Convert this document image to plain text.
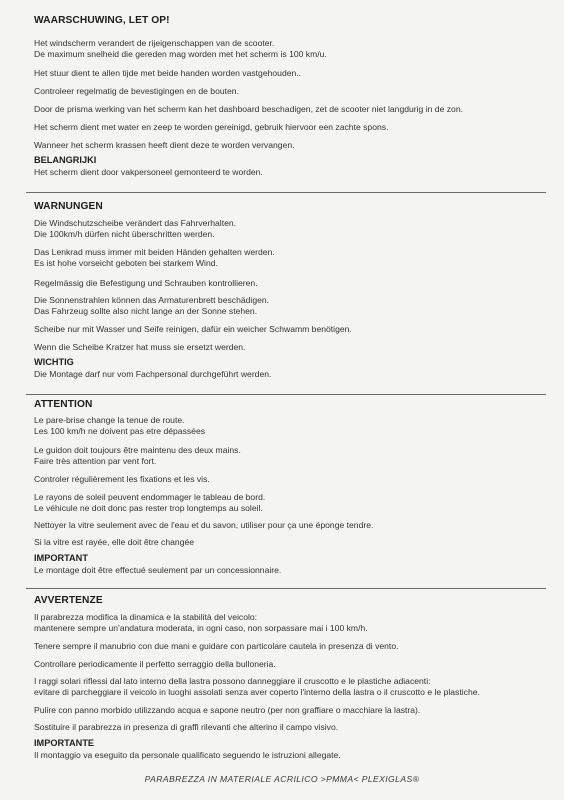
WAARSCHUWING, LET OP!
Het windscherm verandert de rijeigenschappen van de scooter.
De maximum snelheid die gereden mag worden met het scherm is 100 km/u.
Het stuur dient te allen tijde met beide handen worden vastgehouden..
Controleer regelmatig de bevestigingen en de bouten.
Door de prisma werking van het scherm kan het dashboard beschadigen, zet de scooter niet langdurig in de zon.
Het scherm dient met water en zeep te worden gereinigd, gebruik hiervoor een zachte spons.
Wanneer het scherm krassen heeft dient deze te worden vervangen.
BELANGRIJKI
Het scherm dient door vakpersoneel gemonteerd te worden.
WARNUNGEN
Die Windschutzscheibe verändert das Fahrverhalten.
Die 100km/h dürfen nicht überschritten werden.
Das Lenkrad muss immer mit beiden Händen gehalten werden.
Es ist hohe vorseicht geboten bei starkem Wind.
Regelmässig die Befestigung und Schrauben kontrollieren.
Die Sonnenstrahlen können das Armaturenbrett beschädigen.
Das Fahrzeug sollte also nicht lange an der Sonne stehen.
Scheibe nur mit Wasser und Seife reinigen, dafür ein weicher Schwamm benötigen.
Wenn die Scheibe Kratzer hat muss sie ersetzt werden.
WICHTIG
Die Montage darf nur vom Fachpersonal durchgeführt werden.
ATTENTION
Le pare-brise change la tenue de route.
Les 100 km/h ne doivent pas etre dépassées
Le guidon doit toujours être maintenu des deux mains.
Faire très attention par vent fort.
Controler régulièrement les fixations et les vis.
Le rayons de soleil peuvent endommager le tableau de bord.
Le véhicule ne doit donc pas rester trop longtemps au soleil.
Nettoyer la vitre seulement avec de l'eau et du savon, utiliser pour ça une éponge tendre.
Si la vitre est rayée, elle doit être changée
IMPORTANT
Le montage doit être effectué seulement par un concessionnaire.
AVVERTENZE
Il parabrezza modifica la dinamica e la stabilità del veicolo:
mantenere sempre un'andatura moderata, in ogni caso, non sorpassare mai i 100 km/h.
Tenere sempre il manubrio con due mani e guidare con particolare cautela in presenza di vento.
Controllare periodicamente il perfetto serraggio della bulloneria.
I raggi solari riflessi dal lato interno della lastra possono danneggiare il cruscotto e le plastiche adiacenti:
evitare di parcheggiare il veicolo in luoghi assolati senza aver coperto l'interno della lastra o il cruscotto e le plastiche.
Pulire con panno morbido utilizzando acqua e sapone neutro (per non graffiare o macchiare la lastra).
Sostituire il parabrezza in presenza di graffi rilevanti che alterino il campo visivo.
IMPORTANTE
Il montaggio va eseguito da personale qualificato seguendo le istruzioni allegate.
PARABREZZA IN MATERIALE ACRILICO >PMMA< PLEXIGLAS®
